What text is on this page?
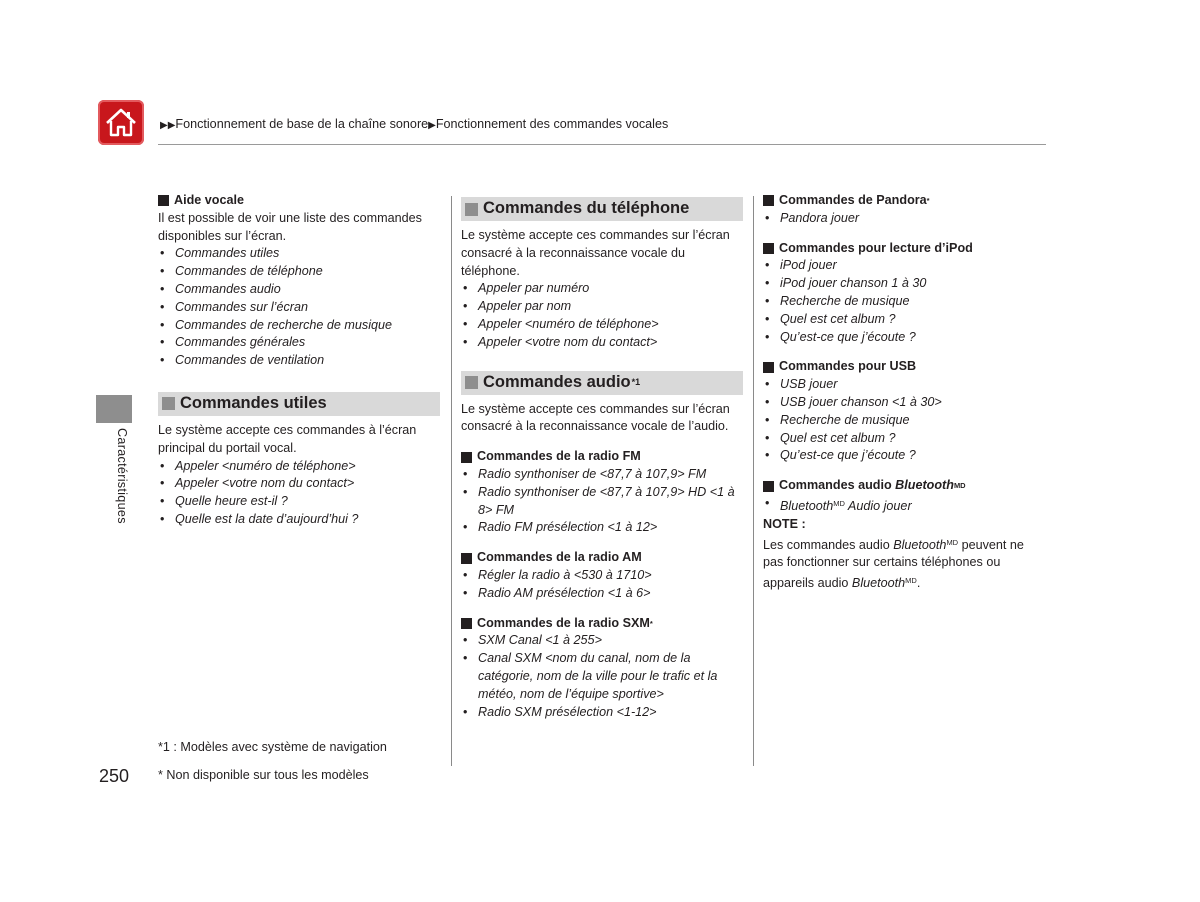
▶▶Fonctionnement de base de la chaîne sonore▶Fonctionnement des commandes vocales
Caractéristiques

Aide vocale

Il est possible de voir une liste des commandes disponibles sur l’écran.

• Commandes utiles
• Commandes de téléphone
• Commandes audio
• Commandes sur l’écran
• Commandes de recherche de musique
• Commandes générales
• Commandes de ventilation
Commandes utiles

Le système accepte ces commandes à l’écran principal du portail vocal.

• Appeler <numéro de téléphone>
• Appeler <votre nom du contact>
• Quelle heure est-il ?
• Quelle est la date d’aujourd’hui ?
*1 : Modèles avec système de navigation
* Non disponible sur tous les modèles
250
Commandes du téléphone

Le système accepte ces commandes sur l’écran consacré à la reconnaissance vocale du téléphone.

• Appeler par numéro
• Appeler par nom
• Appeler <numéro de téléphone>
• Appeler <votre nom du contact>
Commandes audio *1

Le système accepte ces commandes sur l’écran consacré à la reconnaissance vocale de l’audio.

Commandes de la radio FM

• Radio synthoniser de <87,7 à 107,9> FM
• Radio synthoniser de <87,7 à 107,9> HD <1 à 8> FM
• Radio FM présélection <1 à 12>

Commandes de la radio AM

• Régler la radio à <530 à 1710>
• Radio AM présélection <1 à 6>

Commandes de la radio SXM *

• SXM Canal <1 à 255>
• Canal SXM <nom du canal, nom de la catégorie, nom de la ville pour le trafic et la météo, nom de l’équipe sportive>
• Radio SXM présélection <1-12>

Commandes de Pandora *

• Pandora jouer

Commandes pour lecture d’iPod

• iPod jouer
• iPod jouer chanson 1 à 30
• Recherche de musique
• Quel est cet album ?
• Qu’est-ce que j’écoute ?

Commandes pour USB

• USB jouer
• USB jouer chanson <1 à 30>
• Recherche de musique
• Quel est cet album ?
• Qu’est-ce que j’écoute ?

Commandes audio Bluetooth MD

• Bluetooth$^{MD}$ Audio jouer

NOTE :

Les commandes audio Bluetooth$^{MD}$ peuvent ne pas fonctionner sur certains téléphones ou appareils audio Bluetooth$^{MD}$.
